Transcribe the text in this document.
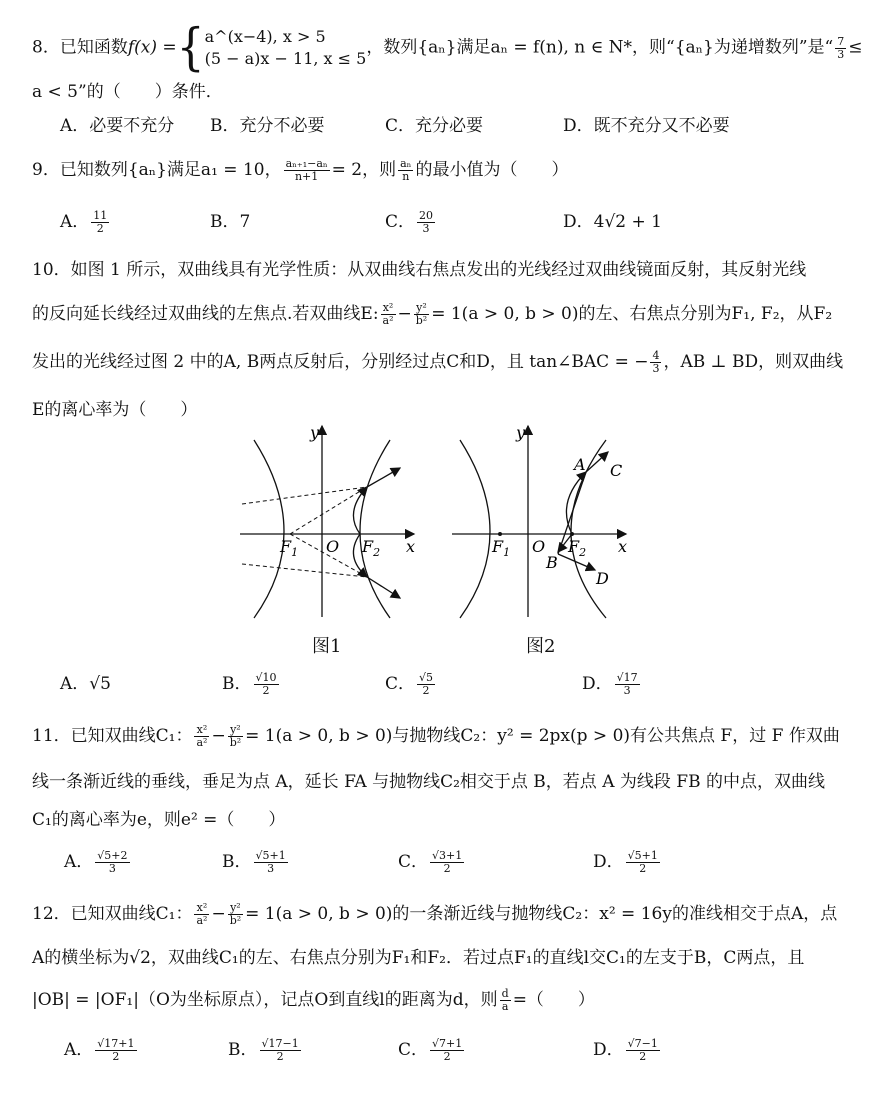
8．已知函数f(x) ={ a^(x−4), x > 5
(5 − a)x − 11, x ≤ 5
，数列{aₙ}满足aₙ = f(n), n ∈ N*，则“{aₙ}为递增数列”是“ $\frac{7}{3}$ ≤
a < 5”的（　　）条件．
A．必要不充分 B．充分不必要	C．充分必要	D．既不充分又不必要
9．已知数列{aₙ}满足a₁ = 10， $\frac{\text{aₙ₊₁−aₙ}}{n+1} = 2$，则 $\frac{\text{aₙ}}{n}$ 的最小值为（　　）
A． $\frac{11}{2}$	B．7	C． $\frac{20}{3}$	D．4√2 + 1
10．如图 1 所示，双曲线具有光学性质：从双曲线右焦点发出的光线经过双曲线镜面反射，其反射光线
的反向延长线经过双曲线的左焦点.若双曲线E: $\frac{\text{x²}}{\text{a²}} - \frac{\text{y²}}{\text{b²}} = 1(a > 0$, b > 0)的左、右焦点分别为F₁, F₂，从F₂
发出的光线经过图 2 中的A, B两点反射后，分别经过点C和D，且 tan∠BAC = − $\frac{4}{3}$ ，AB ⊥ BD，则双曲线
E的离心率为（　　）
x
y
O
$F_1$	$F_2$
图1
x
y
O
$F_1$	$F_2$
A
B
C
D
图2
A．√5	B． $\frac{√10}{2}$	C． $\frac{√5}{2}$	D． $\frac{√17}{3}$
11．已知双曲线C₁： $\frac{\text{x²}}{\text{a²}} - \frac{\text{y²}}{\text{b²}} = 1(a > 0$, b > 0)与抛物线C₂：y² = 2px(p > 0)有公共焦点 F，过 F 作双曲
线一条渐近线的垂线，垂足为点 A，延长 FA 与抛物线C₂相交于点 B，若点 A 为线段 FB 的中点，双曲线
C₁的离心率为e，则e² =（　　）
A． $\frac{√5+2}{3}$	B． $\frac{√5+1}{3}$	C． $\frac{√3+1}{2}$	D． $\frac{√5+1}{2}$
12．已知双曲线C₁： $\frac{\text{x²}}{\text{a²}} - \frac{\text{y²}}{\text{b²}} = 1(a > 0$, b > 0)的一条渐近线与抛物线C₂：x² = 16y的准线相交于点A，点
A的横坐标为√2，双曲线C₁的左、右焦点分别为F₁和F₂．若过点F₁的直线l交C₁的左支于B，C两点，且
|OB| = |OF₁|（O为坐标原点），记点O到直线l的距离为d，则 $\frac{d}{a}$ =（　　）
A． $\frac{√17+1}{2}$	B． $\frac{√17-1}{2}$	C． $\frac{√7+1}{2}$	D． $\frac{√7-1}{2}$
